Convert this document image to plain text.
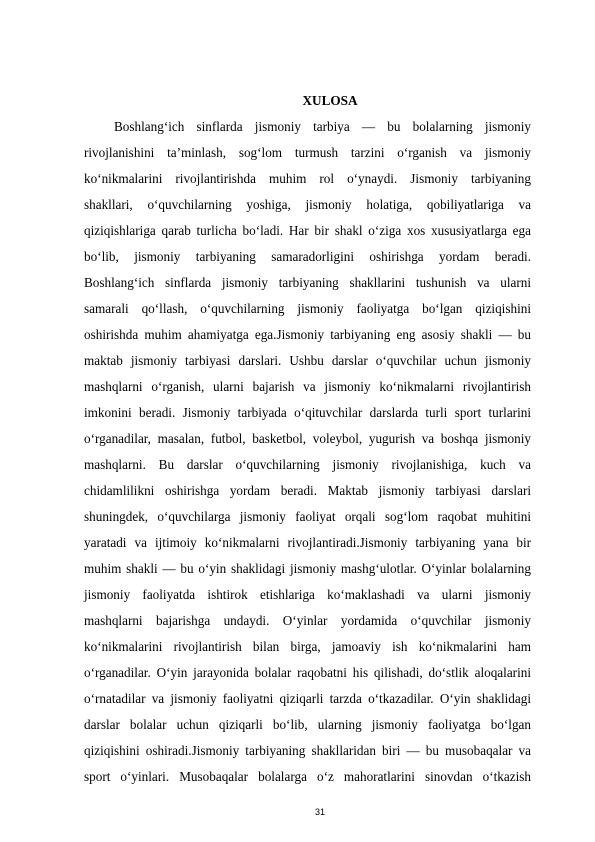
XULOSA
Boshlang‘ich sinflarda jismoniy tarbiya — bu bolalarning jismoniy
rivojlanishini ta’minlash, sog‘lom turmush tarzini o‘rganish va jismoniy
ko‘nikmalarini rivojlantirishda muhim rol o‘ynaydi. Jismoniy tarbiyaning
shakllari, o‘quvchilarning yoshiga, jismoniy holatiga, qobiliyatlariga va
qiziqishlariga qarab turlicha bo‘ladi. Har bir shakl o‘ziga xos xususiyatlarga ega
bo‘lib, jismoniy tarbiyaning samaradorligini oshirishga yordam beradi.
Boshlang‘ich sinflarda jismoniy tarbiyaning shakllarini tushunish va ularni
samarali qo‘llash, o‘quvchilarning jismoniy faoliyatga bo‘lgan qiziqishini
oshirishda muhim ahamiyatga ega.Jismoniy tarbiyaning eng asosiy shakli — bu
maktab jismoniy tarbiyasi darslari. Ushbu darslar o‘quvchilar uchun jismoniy
mashqlarni o‘rganish, ularni bajarish va jismoniy ko‘nikmalarni rivojlantirish
imkonini beradi. Jismoniy tarbiyada o‘qituvchilar darslarda turli sport turlarini
o‘rganadilar, masalan, futbol, basketbol, voleybol, yugurish va boshqa jismoniy
mashqlarni. Bu darslar o‘quvchilarning jismoniy rivojlanishiga, kuch va
chidamlilikni oshirishga yordam beradi. Maktab jismoniy tarbiyasi darslari
shuningdek, o‘quvchilarga jismoniy faoliyat orqali sog‘lom raqobat muhitini
yaratadi va ijtimoiy ko‘nikmalarni rivojlantiradi.Jismoniy tarbiyaning yana bir
muhim shakli — bu o‘yin shaklidagi jismoniy mashg‘ulotlar. O‘yinlar bolalarning
jismoniy faoliyatda ishtirok etishlariga ko‘maklashadi va ularni jismoniy
mashqlarni bajarishga undaydi. O‘yinlar yordamida o‘quvchilar jismoniy
ko‘nikmalarini rivojlantirish bilan birga, jamoaviy ish ko‘nikmalarini ham
o‘rganadilar. O‘yin jarayonida bolalar raqobatni his qilishadi, do‘stlik aloqalarini
o‘rnatadilar va jismoniy faoliyatni qiziqarli tarzda o‘tkazadilar. O‘yin shaklidagi
darslar bolalar uchun qiziqarli bo‘lib, ularning jismoniy faoliyatga bo‘lgan
qiziqishini oshiradi.Jismoniy tarbiyaning shakllaridan biri — bu musobaqalar va
sport o‘yinlari. Musobaqalar bolalarga o‘z mahoratlarini sinovdan o‘tkazish
31
